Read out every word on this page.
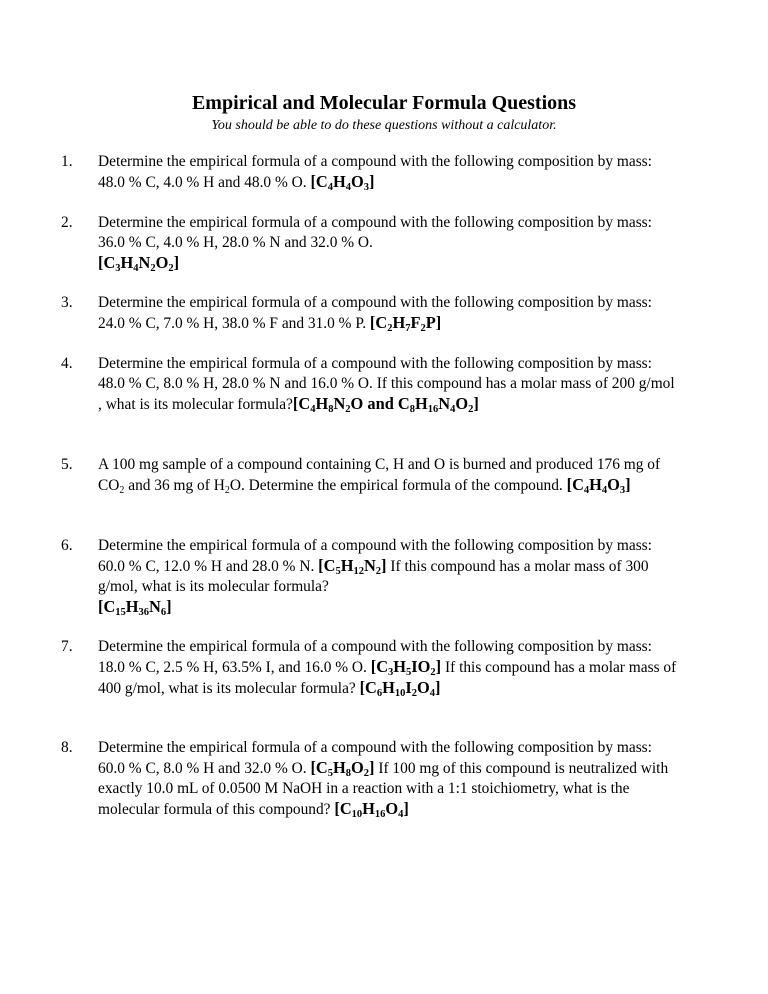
Empirical and Molecular Formula Questions
You should be able to do these questions without a calculator.
1.	Determine the empirical formula of a compound with the following composition by mass: 48.0 % C, 4.0 % H and 48.0 % O. $[C_4H_4O_3]$
2.	Determine the empirical formula of a compound with the following composition by mass: 36.0 % C, 4.0 % H, 28.0 % N and 32.0 % O.
$[C_3H_4N_2O_2]$
3.	Determine the empirical formula of a compound with the following composition by mass: 24.0 % C, 7.0 % H, 38.0 % F and 31.0 % P. $[C_2H_7F_2P]$
4.	Determine the empirical formula of a compound with the following composition by mass: 48.0 % C, 8.0 % H, 28.0 % N and 16.0 % O. If this compound has a molar mass of 200 g/mol , what is its molecular $formula?[C_4H_8N_2O$ and $C_8H_{16}N_4O_2$]
5.	A 100 mg sample of a compound containing C, H and O is burned and produced 176 mg of $CO_2$ and 36 mg of $H_2O$. Determine the empirical formula of the compound. $[C_4H_4O_3]$
6.	Determine the empirical formula of a compound with the following composition by mass: 60.0 % C, 12.0 % H and 28.0 % N. $[C_5H_{12}N_2]$ If this compound has a molar mass of 300 g/mol, what is its molecular formula?
$[C_{15}H_{36}N_6]$
7.	Determine the empirical formula of a compound with the following composition by mass: 18.0 % C, 2.5 % H, 63.5% I, and 16.0 % O. $[C_3H_5IO_2]$ If this compound has a molar mass of 400 g/mol, what is its molecular formula? $[C_6H_{10}I_2O_4]$
8.	Determine the empirical formula of a compound with the following composition by mass: 60.0 % C, 8.0 % H and 32.0 % O. $[C_5H_8O_2]$ If 100 mg of this compound is neutralized with exactly 10.0 mL of 0.0500 M NaOH in a reaction with a 1:1 stoichiometry, what is the molecular formula of this compound? $[C_{10}H_{16}O_4]$
